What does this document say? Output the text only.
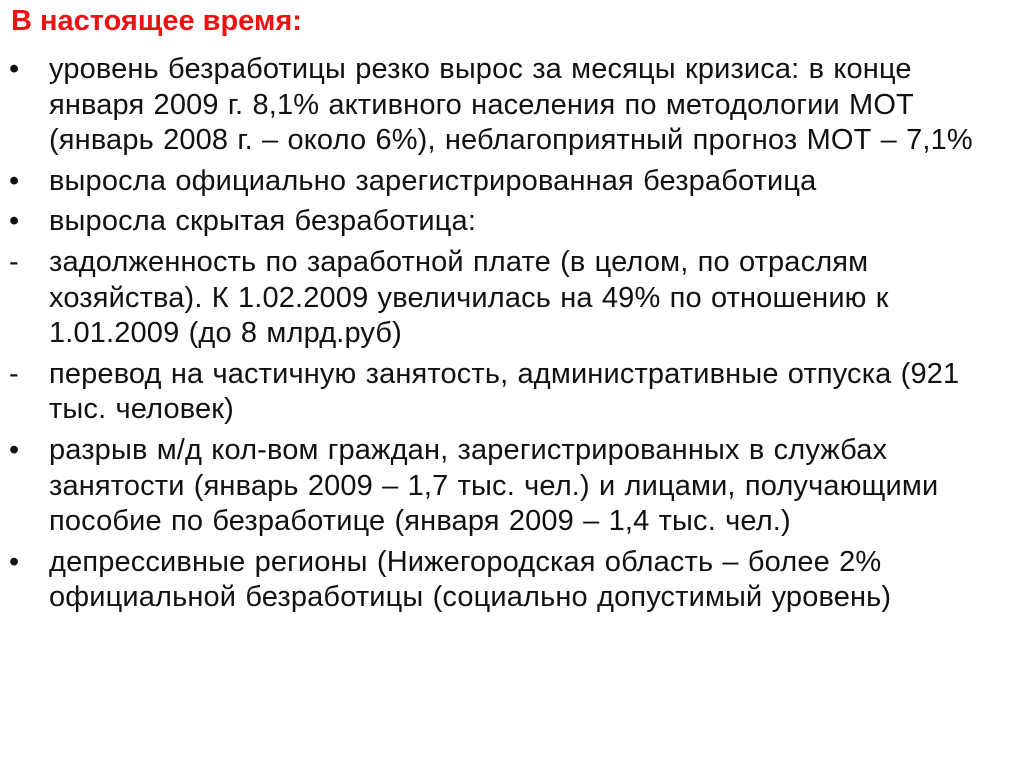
В настоящее время:
• уровень безработицы резко вырос за месяцы кризиса: в конце января 2009 г. 8,1% активного населения по методологии МОТ (январь 2008 г. – около 6%), неблагоприятный прогноз МОТ – 7,1%
• выросла официально зарегистрированная безработица
• выросла скрытая безработица:
- задолженность по заработной плате (в целом, по отраслям хозяйства). К 1.02.2009 увеличилась на 49% по отношению к 1.01.2009 (до 8 млрд.руб)
- перевод на частичную занятость, административные отпуска (921 тыс. человек)
• разрыв м/д кол-вом граждан, зарегистрированных в службах занятости (январь 2009 – 1,7 тыс. чел.) и лицами, получающими пособие по безработице (января 2009 – 1,4 тыс. чел.)
• депрессивные регионы (Нижегородская область – более 2% официальной безработицы (социально допустимый уровень)
